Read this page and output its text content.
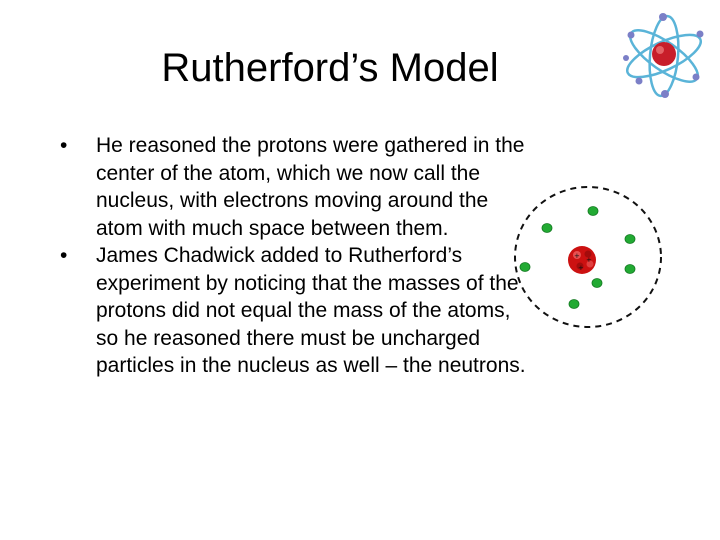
Rutherford’s Model
• He reasoned the protons were gathered in the center of the atom, which we now call the nucleus, with electrons moving around the atom with much space between them.
• James Chadwick added to Rutherford’s experiment by noticing that the masses of the protons did not equal the mass of the atoms, so he reasoned there must be uncharged particles in the nucleus as well – the neutrons.
+ +
+
